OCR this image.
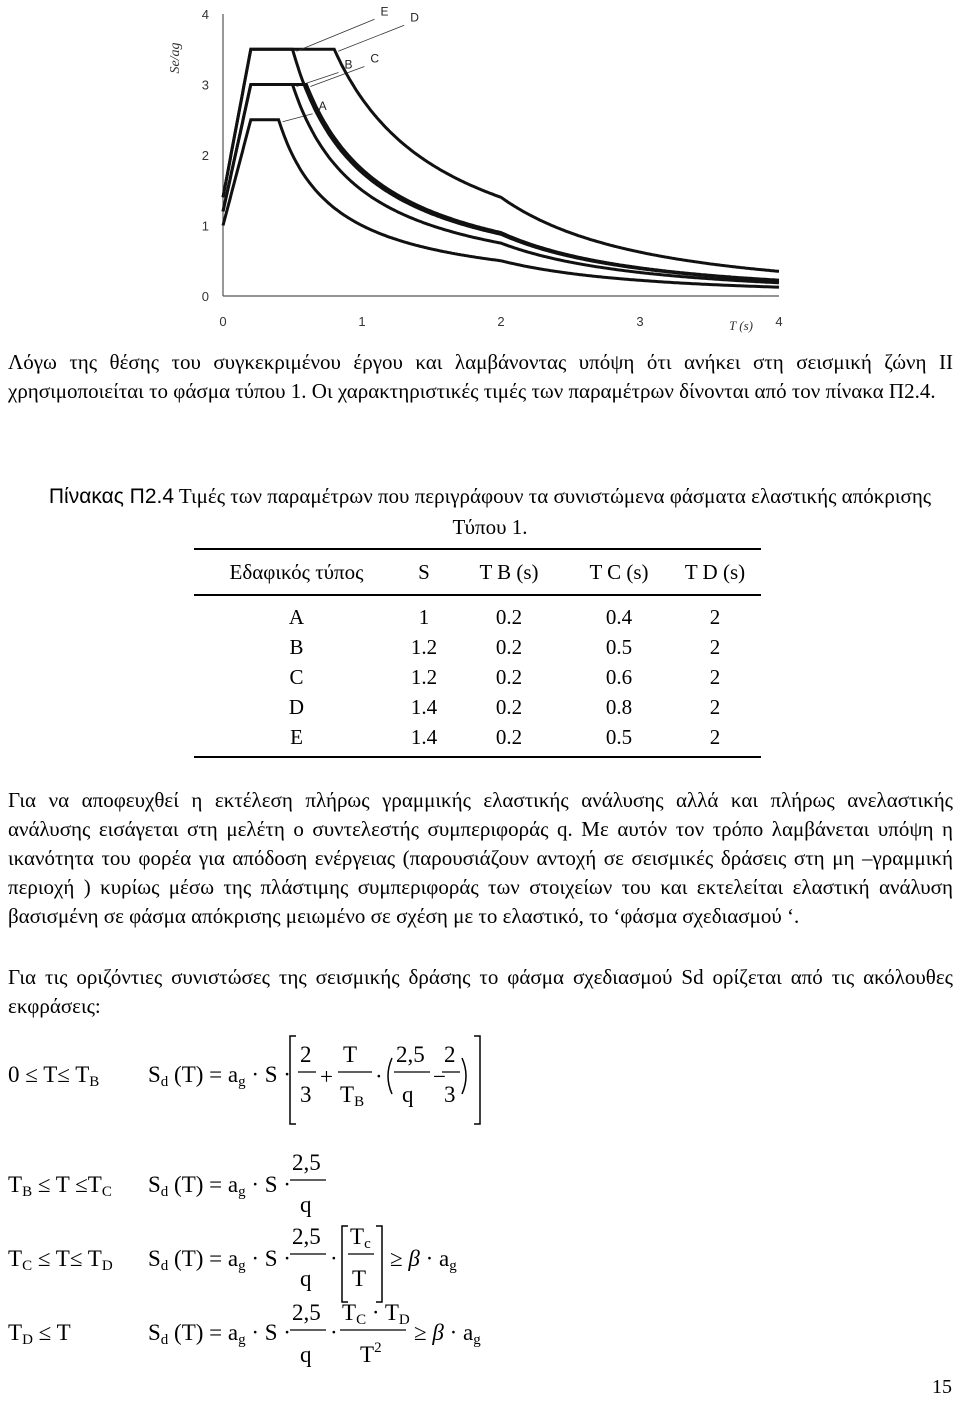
0	1	2	3	4
0
1
2
3
4
T (s)
Se/ag
A
B C
D
E
Λόγω της θέσης του συγκεκριμένου έργου και λαμβάνοντας υπόψη ότι ανήκει στη σεισμική ζώνη ΙΙ χρησιμοποιείται το φάσμα τύπου 1. Οι χαρακτηριστικές τιμές των παραμέτρων δίνονται από τον πίνακα Π2.4.
Πίνακας Π2.4 Τιμές των παραμέτρων που περιγράφουν τα συνιστώμενα φάσματα ελαστικής απόκρισης Τύπου 1.
Εδαφικός τύπος	S	T B (s)	T C (s)	T D (s)
A	1	0.2	0.4	2
B	1.2	0.2	0.5	2
C	1.2	0.2	0.6	2
D	1.4	0.2	0.8	2
E	1.4	0.2	0.5	2
Για να αποφευχθεί η εκτέλεση πλήρως γραμμικής ελαστικής ανάλυσης αλλά και πλήρως ανελαστικής ανάλυσης εισάγεται στη μελέτη ο συντελεστής συμπεριφοράς q. Με αυτόν τον τρόπο λαμβάνεται υπόψη η ικανότητα του φορέα για απόδοση ενέργειας (παρουσιάζουν αντοχή σε σεισμικές δράσεις στη μη –γραμμική περιοχή ) κυρίως μέσω της πλάστιμης συμπεριφοράς των στοιχείων του και εκτελείται ελαστική ανάλυση βασισμένη σε φάσμα απόκρισης μειωμένο σε σχέση με το ελαστικό, το ‘φάσμα σχεδιασμού ‘.
Για τις οριζόντιες συνιστώσες της σεισμικής δράσης το φάσμα σχεδιασμού Sd ορίζεται από τις ακόλουθες εκφράσεις:
0 ≤ T≤ TB Sd (T) = ag · S ·
2
3
+
T
TB
·
2,5
q
−
2
3
TB ≤ T ≤TC Sd (T) = ag · S ·
2,5
q
TC ≤ T≤ TD Sd (T) = ag · S ·
2,5
q
·
Tc
T
≥ β · ag
TD ≤ T	Sd (T) = ag · S ·
2,5
q
·
TC · TD
$T^2$
≥ β · ag
15
